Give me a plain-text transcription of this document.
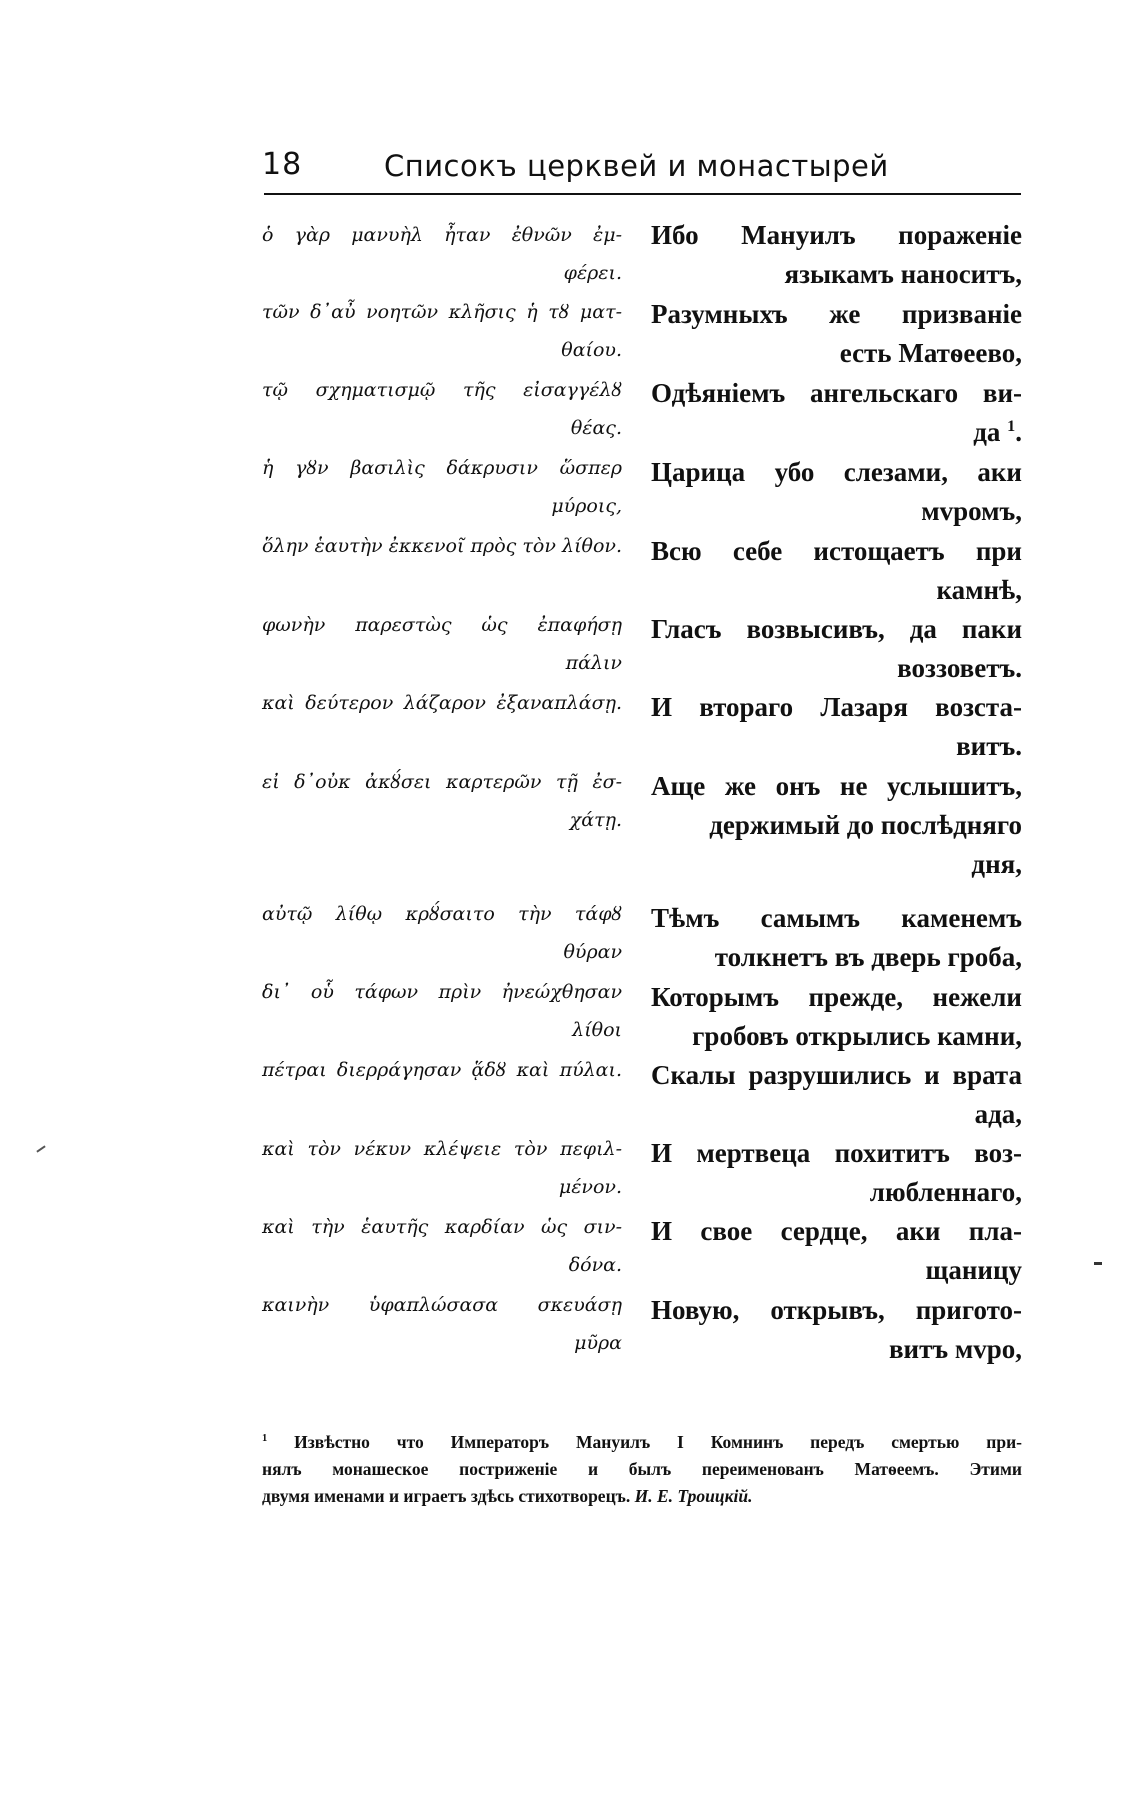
18	Списокъ церквей и монастырей
ὁ γὰρ μανυὴλ ἦταν ἐθνῶν ἐμ-
φέρει.
τῶν δ᾽αὖ νοητῶν κλῆσις ἡ τȣ ματ-
θαίου.
τῷ σχηματισμῷ τῆς εἰσαγγέλȣ
θέας.
ἡ γȣν βασιλὶς δάκρυσιν ὥσπερ
μύροις,
ὅλην ἑαυτὴν ἐκκενοῖ πρὸς τὸν λίθον.
φωνὴν παρεστὼς ὡς ἐπαφήσῃ
πάλιν
καὶ δεύτερον λάζαρον ἐξαναπλάσῃ.
εἰ δ᾽οὐκ ἀκȣ́σει καρτερῶν τῇ ἐσ-
χάτῃ.
αὐτῷ λίθῳ κρȣ́σαιτο τὴν τάφȣ
θύραν
δι᾽ οὗ τάφων πρὶν ἠνεώχθησαν
λίθοι
πέτραι διερράγησαν ᾅδȣ καὶ πύλαι.
καὶ τὸν νέκυν κλέψειε τὸν πεφιλ-
μένον.
καὶ τὴν ἑαυτῆς καρδίαν ὡς σιν-
δόνα.
καινὴν ὑφαπλώσασα σκευάσῃ
μῦρα
Ибо Мануилъ пораженіе
языкамъ наноситъ,
Разумныхъ же призваніе
есть Матѳеево,
Одѣяніемъ ангельскаго ви-
да $^1$.
Царица убо слезами, аки
мvромъ,
Всю себе истощаетъ при
камнѣ,
Гласъ возвысивъ, да паки
воззоветъ.
И втораго Лазаря возста-
витъ.
Аще же онъ не услышитъ,
держимый до послѣдняго
дня,
Тѣмъ самымъ каменемъ
толкнетъ въ дверь гроба,
Которымъ прежде, нежели
гробовъ открылись камни,
Скалы разрушились и врата
ада,
И мертвеца похититъ воз-
любленнаго,
И свое сердце, аки пла-
щаницу
Новую, открывъ, пригото-
витъ мvро,
$^1$ Извѣстно что Императоръ Мануилъ I Комнинъ передъ смертью при-
нялъ монашеское постриженіе и былъ переименованъ Матѳеемъ. Этими
двумя именами и играетъ здѣсь стихотворецъ. И. Е. Троицкій.
